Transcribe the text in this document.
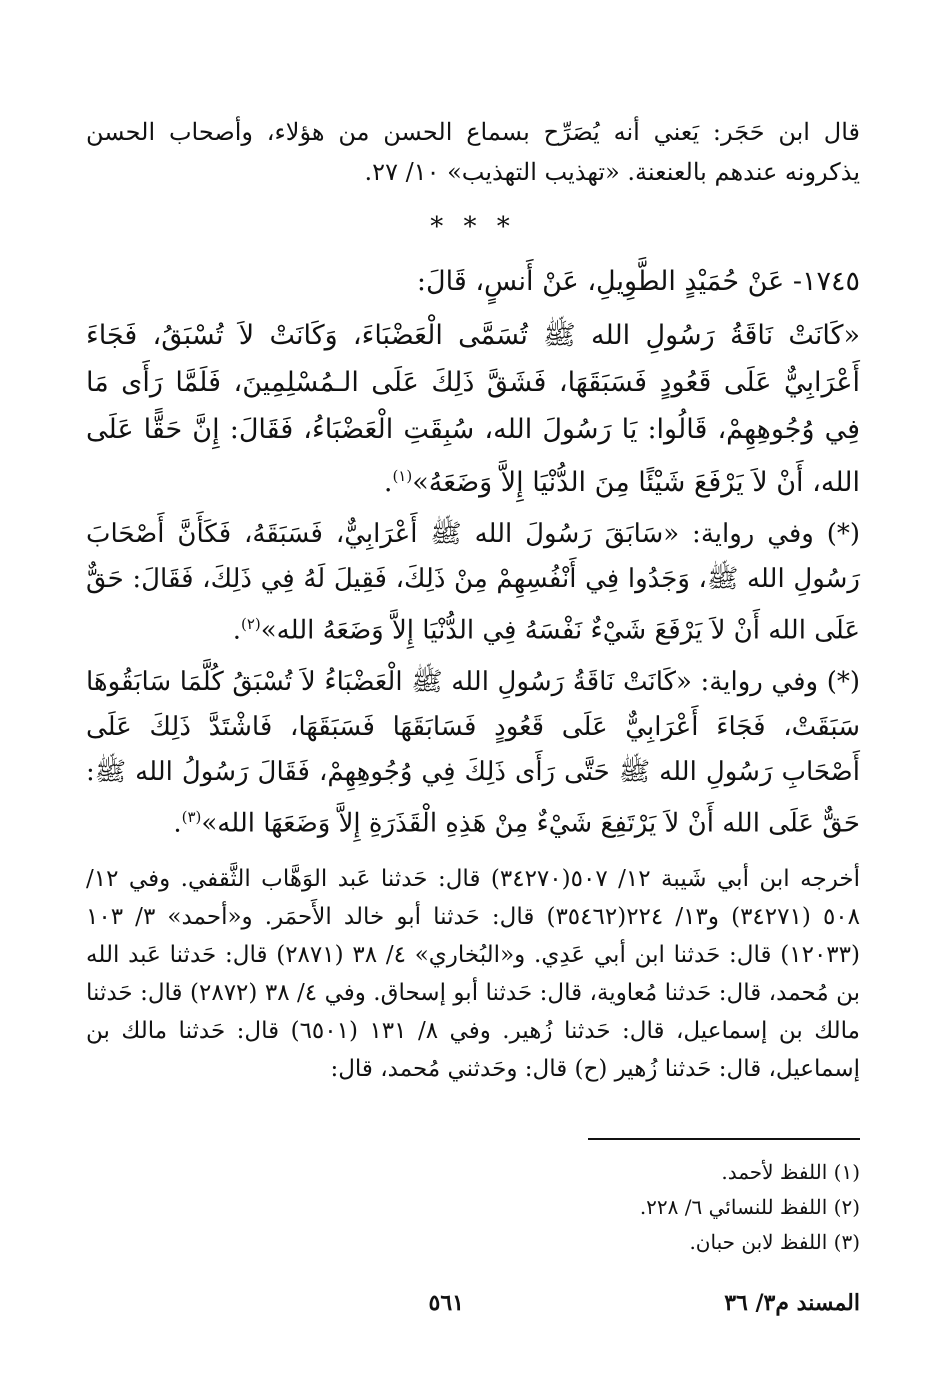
قال ابن حَجَر: يَعني أنه يُصَرِّح بسماع الحسن من هؤلاء، وأصحاب الحسن يذكرونه عندهم بالعنعنة. «تهذيب التهذيب» ١٠/ ٢٧.
* * *
١٧٤٥- عَنْ حُمَيْدٍ الطَّوِيلِ، عَنْ أَنسٍ، قَالَ:
«كَانَتْ نَاقَةُ رَسُولِ الله ﷺ تُسَمَّى الْعَضْبَاءَ، وَكَانَتْ لاَ تُسْبَقُ، فَجَاءَ أَعْرَابِيٌّ عَلَى قَعُودٍ فَسَبَقَهَا، فَشَقَّ ذَلِكَ عَلَى الـمُسْلِمِينَ، فَلَمَّا رَأَى مَا فِي وُجُوهِهِمْ، قَالُوا: يَا رَسُولَ الله، سُبِقَتِ الْعَضْبَاءُ، فَقَالَ: إِنَّ حَقًّا عَلَى الله، أَنْ لاَ يَرْفَعَ شَيْئًا مِنَ الدُّنْيَا إِلاَّ وَضَعَهُ»$^{(١)}$.
(*) وفي رواية: «سَابَقَ رَسُولَ الله ﷺ أَعْرَابِيٌّ، فَسَبَقَهُ، فَكَأَنَّ أَصْحَابَ رَسُولِ الله ﷺ، وَجَدُوا فِي أَنْفُسِهِمْ مِنْ ذَلِكَ، فَقِيلَ لَهُ فِي ذَلِكَ، فَقَالَ: حَقٌّ عَلَى الله أَنْ لاَ يَرْفَعَ شَيْءٌ نَفْسَهُ فِي الدُّنْيَا إِلاَّ وَضَعَهُ الله»$^{(٢)}$.
(*) وفي رواية: «كَانَتْ نَاقَةُ رَسُولِ الله ﷺ الْعَضْبَاءُ لاَ تُسْبَقُ كُلَّمَا سَابَقُوهَا سَبَقَتْ، فَجَاءَ أَعْرَابِيٌّ عَلَى قَعُودٍ فَسَابَقَهَا فَسَبَقَهَا، فَاشْتَدَّ ذَلِكَ عَلَى أَصْحَابِ رَسُولِ الله ﷺ حَتَّى رَأَى ذَلِكَ فِي وُجُوهِهِمْ، فَقَالَ رَسُولُ الله ﷺ: حَقٌّ عَلَى الله أَنْ لاَ يَرْتَفِعَ شَيْءٌ مِنْ هَذِهِ الْقَذَرَةِ إِلاَّ وَضَعَهَا الله»$^{(٣)}$.
أخرجه ابن أبي شَيبة ١٢/ ٥٠٧(٣٤٢٧٠) قال: حَدثنا عَبد الوَهَّاب الثَّقفي. وفي ١٢/ ٥٠٨ (٣٤٢٧١) و١٣/ ٢٢٤(٣٥٤٦٢) قال: حَدثنا أبو خالد الأَحمَر. و«أحمد» ٣/ ١٠٣ (١٢٠٣٣) قال: حَدثنا ابن أبي عَدِي. و«البُخاري» ٤/ ٣٨ (٢٨٧١) قال: حَدثنا عَبد الله بن مُحمد، قال: حَدثنا مُعاوية، قال: حَدثنا أبو إسحاق. وفي ٤/ ٣٨ (٢٨٧٢) قال: حَدثنا مالك بن إسماعيل، قال: حَدثنا زُهير. وفي ٨/ ١٣١ (٦٥٠١) قال: حَدثنا مالك بن إسماعيل، قال: حَدثنا زُهير (ح) قال: وحَدثني مُحمد، قال:
(١) اللفظ لأحمد.
(٢) اللفظ للنسائي ٦/ ٢٢٨.
(٣) اللفظ لابن حبان.
المسند م٣/ ٣٦
٥٦١
